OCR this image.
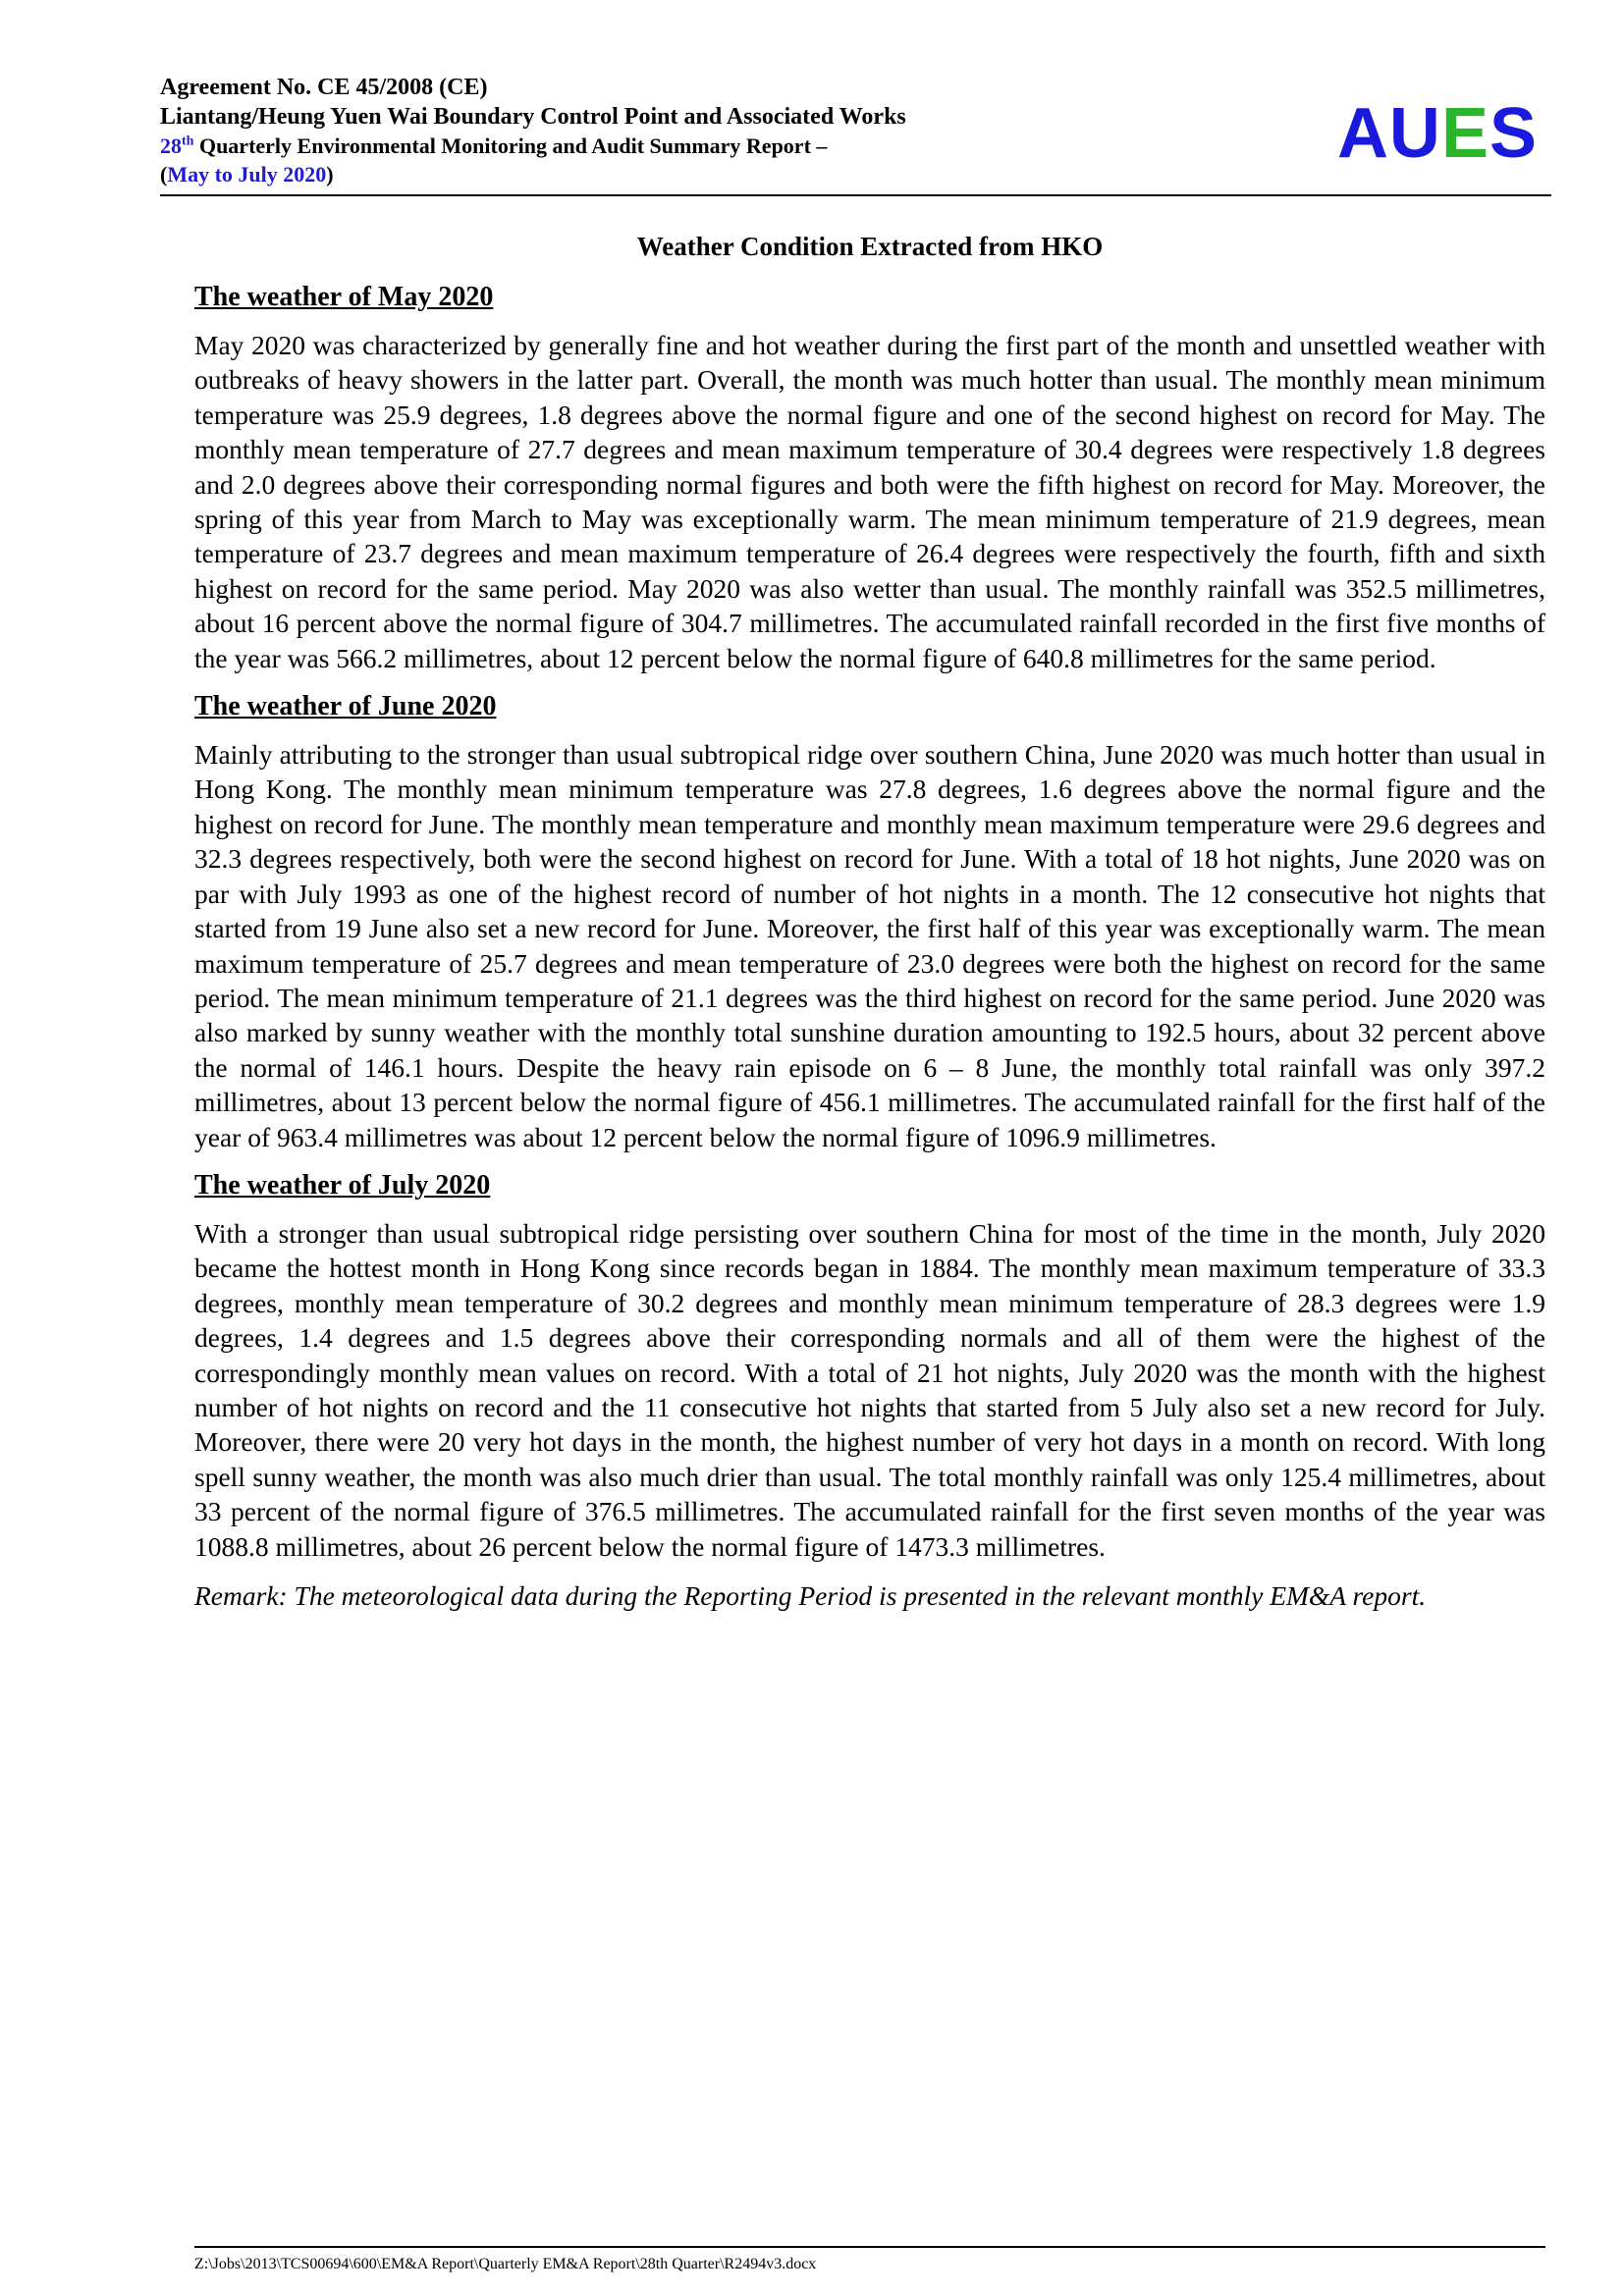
Agreement No. CE 45/2008 (CE)
Liantang/Heung Yuen Wai Boundary Control Point and Associated Works
28th Quarterly Environmental Monitoring and Audit Summary Report –
(May to July 2020)
AUES
Weather Condition Extracted from HKO
The weather of May 2020

May 2020 was characterized by generally fine and hot weather during the first part of the month and unsettled weather with outbreaks of heavy showers in the latter part. Overall, the month was much hotter than usual. The monthly mean minimum temperature was 25.9 degrees, 1.8 degrees above the normal figure and one of the second highest on record for May. The monthly mean temperature of 27.7 degrees and mean maximum temperature of 30.4 degrees were respectively 1.8 degrees and 2.0 degrees above their corresponding normal figures and both were the fifth highest on record for May. Moreover, the spring of this year from March to May was exceptionally warm. The mean minimum temperature of 21.9 degrees, mean temperature of 23.7 degrees and mean maximum temperature of 26.4 degrees were respectively the fourth, fifth and sixth highest on record for the same period. May 2020 was also wetter than usual. The monthly rainfall was 352.5 millimetres, about 16 percent above the normal figure of 304.7 millimetres. The accumulated rainfall recorded in the first five months of the year was 566.2 millimetres, about 12 percent below the normal figure of 640.8 millimetres for the same period.

The weather of June 2020

Mainly attributing to the stronger than usual subtropical ridge over southern China, June 2020 was much hotter than usual in Hong Kong. The monthly mean minimum temperature was 27.8 degrees, 1.6 degrees above the normal figure and the highest on record for June. The monthly mean temperature and monthly mean maximum temperature were 29.6 degrees and 32.3 degrees respectively, both were the second highest on record for June. With a total of 18 hot nights, June 2020 was on par with July 1993 as one of the highest record of number of hot nights in a month. The 12 consecutive hot nights that started from 19 June also set a new record for June. Moreover, the first half of this year was exceptionally warm. The mean maximum temperature of 25.7 degrees and mean temperature of 23.0 degrees were both the highest on record for the same period. The mean minimum temperature of 21.1 degrees was the third highest on record for the same period. June 2020 was also marked by sunny weather with the monthly total sunshine duration amounting to 192.5 hours, about 32 percent above the normal of 146.1 hours. Despite the heavy rain episode on 6 – 8 June, the monthly total rainfall was only 397.2 millimetres, about 13 percent below the normal figure of 456.1 millimetres. The accumulated rainfall for the first half of the year of 963.4 millimetres was about 12 percent below the normal figure of 1096.9 millimetres.

The weather of July 2020

With a stronger than usual subtropical ridge persisting over southern China for most of the time in the month, July 2020 became the hottest month in Hong Kong since records began in 1884. The monthly mean maximum temperature of 33.3 degrees, monthly mean temperature of 30.2 degrees and monthly mean minimum temperature of 28.3 degrees were 1.9 degrees, 1.4 degrees and 1.5 degrees above their corresponding normals and all of them were the highest of the correspondingly monthly mean values on record. With a total of 21 hot nights, July 2020 was the month with the highest number of hot nights on record and the 11 consecutive hot nights that started from 5 July also set a new record for July. Moreover, there were 20 very hot days in the month, the highest number of very hot days in a month on record. With long spell sunny weather, the month was also much drier than usual. The total monthly rainfall was only 125.4 millimetres, about 33 percent of the normal figure of 376.5 millimetres. The accumulated rainfall for the first seven months of the year was 1088.8 millimetres, about 26 percent below the normal figure of 1473.3 millimetres.

Remark: The meteorological data during the Reporting Period is presented in the relevant monthly EM&A report.

Z:\Jobs\2013\TCS00694\600\EM&A Report\Quarterly EM&A Report\28th Quarter\R2494v3.docx
